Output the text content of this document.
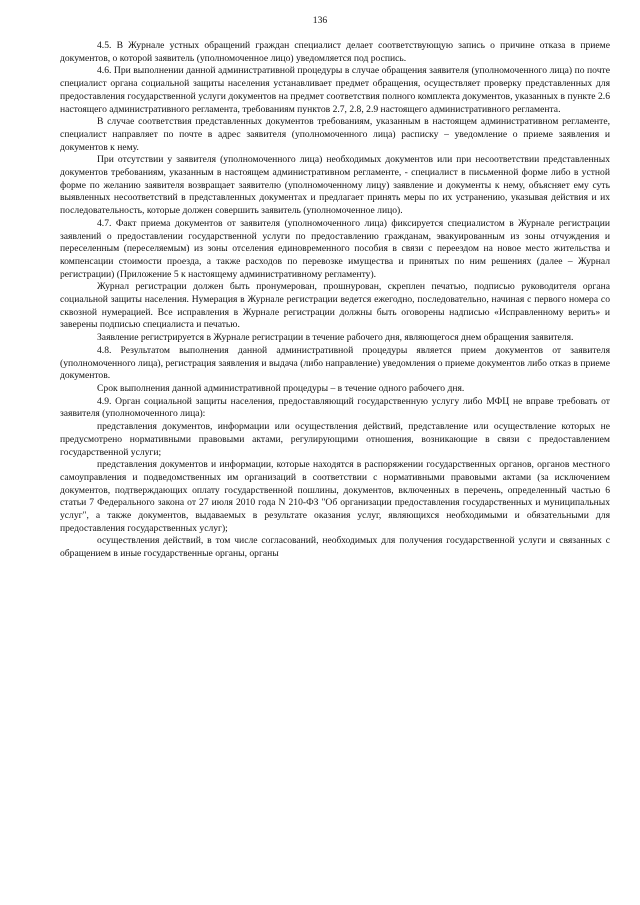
136

4.5. В Журнале устных обращений граждан специалист делает соответствующую запись о причине отказа в приеме документов, о которой заявитель (уполномоченное лицо) уведомляется под роспись.

4.6. При выполнении данной административной процедуры в случае обращения заявителя (уполномоченного лица) по почте специалист органа социальной защиты населения устанавливает предмет обращения, осуществляет проверку представленных для предоставления государственной услуги документов на предмет соответствия полного комплекта документов, указанных в пункте 2.6 настоящего административного регламента, требованиям пунктов 2.7, 2.8, 2.9 настоящего административного регламента.

В случае соответствия представленных документов требованиям, указанным в настоящем административном регламенте, специалист направляет по почте в адрес заявителя (уполномоченного лица) расписку – уведомление о приеме заявления и документов к нему.

При отсутствии у заявителя (уполномоченного лица) необходимых документов или при несоответствии представленных документов требованиям, указанным в настоящем административном регламенте, - специалист в письменной форме либо в устной форме по желанию заявителя возвращает заявителю (уполномоченному лицу) заявление и документы к нему, объясняет ему суть выявленных несоответствий в представленных документах и предлагает принять меры по их устранению, указывая действия и их последовательность, которые должен совершить заявитель (уполномоченное лицо).

4.7. Факт приема документов от заявителя (уполномоченного лица) фиксируется специалистом в Журнале регистрации заявлений о предоставлении государственной услуги по предоставлению гражданам, эвакуированным из зоны отчуждения и переселенным (переселяемым) из зоны отселения единовременного пособия в связи с переездом на новое место жительства и компенсации стоимости проезда, а также расходов по перевозке имущества и принятых по ним решениях (далее – Журнал регистрации) (Приложение 5 к настоящему административному регламенту).

Журнал регистрации должен быть пронумерован, прошнурован, скреплен печатью, подписью руководителя органа социальной защиты населения. Нумерация в Журнале регистрации ведется ежегодно, последовательно, начиная с первого номера со сквозной нумерацией. Все исправления в Журнале регистрации должны быть оговорены надписью «Исправленному верить» и заверены подписью специалиста и печатью.

Заявление регистрируется в Журнале регистрации в течение рабочего дня, являющегося днем обращения заявителя.

4.8. Результатом выполнения данной административной процедуры является прием документов от заявителя (уполномоченного лица), регистрация заявления и выдача (либо направление) уведомления о приеме документов либо отказ в приеме документов.

Срок выполнения данной административной процедуры – в течение одного рабочего дня.

4.9. Орган социальной защиты населения, предоставляющий государственную услугу либо МФЦ не вправе требовать от заявителя (уполномоченного лица):

представления документов, информации или осуществления действий, представление или осуществление которых не предусмотрено нормативными правовыми актами, регулирующими отношения, возникающие в связи с предоставлением государственной услуги;

представления документов и информации, которые находятся в распоряжении государственных органов, органов местного самоуправления и подведомственных им организаций в соответствии с нормативными правовыми актами (за исключением документов, подтверждающих оплату государственной пошлины, документов, включенных в перечень, определенный частью 6 статьи 7 Федерального закона от 27 июля 2010 года N 210-ФЗ "Об организации предоставления государственных и муниципальных услуг", а также документов, выдаваемых в результате оказания услуг, являющихся необходимыми и обязательными для предоставления государственных услуг);

осуществления действий, в том числе согласований, необходимых для получения государственной услуги и связанных с обращением в иные государственные органы, органы
